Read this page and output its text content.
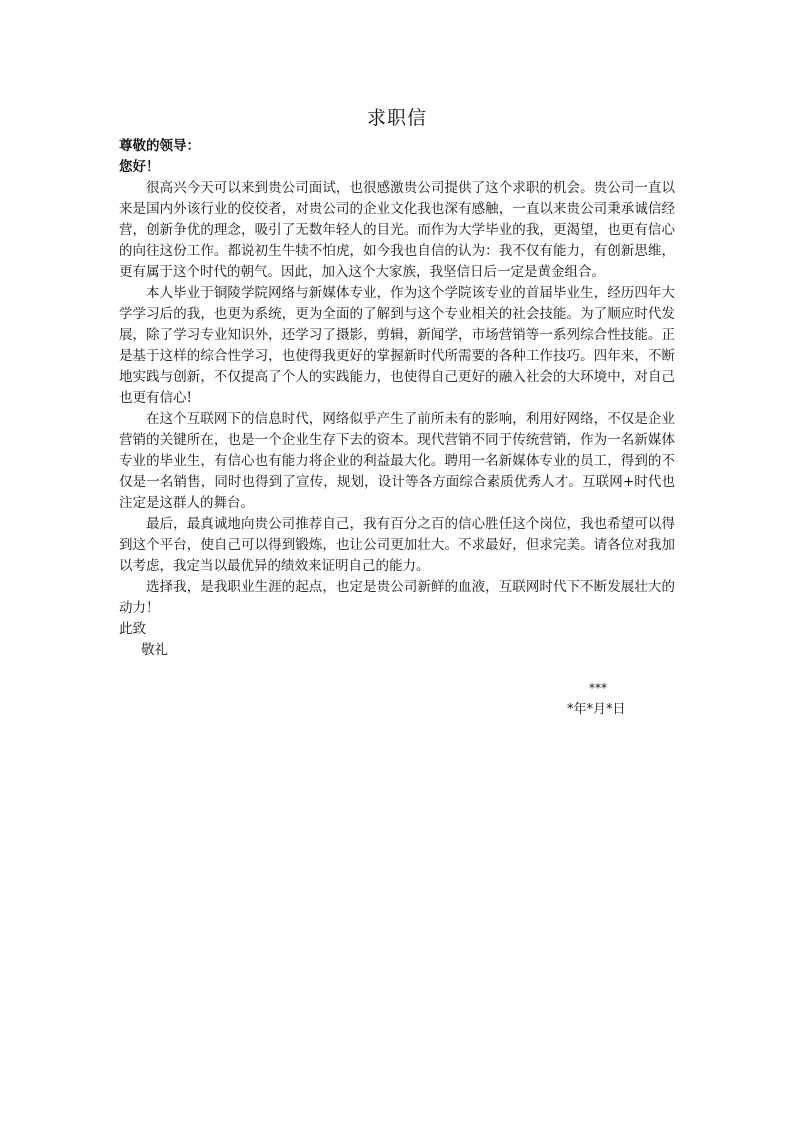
求职信

尊敬的领导：

您好！

很高兴今天可以来到贵公司面试，也很感激贵公司提供了这个求职的机会。贵公司一直以来是国内外该行业的佼佼者，对贵公司的企业文化我也深有感触，一直以来贵公司秉承诚信经营，创新争优的理念，吸引了无数年轻人的目光。而作为大学毕业的我，更渴望，也更有信心的向往这份工作。都说初生牛犊不怕虎，如今我也自信的认为：我不仅有能力，有创新思维，更有属于这个时代的朝气。因此，加入这个大家族，我坚信日后一定是黄金组合。

本人毕业于铜陵学院网络与新媒体专业，作为这个学院该专业的首届毕业生，经历四年大学学习后的我，也更为系统，更为全面的了解到与这个专业相关的社会技能。为了顺应时代发展，除了学习专业知识外，还学习了摄影，剪辑，新闻学，市场营销等一系列综合性技能。正是基于这样的综合性学习，也使得我更好的掌握新时代所需要的各种工作技巧。四年来，不断地实践与创新，不仅提高了个人的实践能力，也使得自己更好的融入社会的大环境中，对自己也更有信心!

在这个互联网下的信息时代，网络似乎产生了前所未有的影响，利用好网络，不仅是企业营销的关键所在，也是一个企业生存下去的资本。现代营销不同于传统营销，作为一名新媒体专业的毕业生，有信心也有能力将企业的利益最大化。聘用一名新媒体专业的员工，得到的不仅是一名销售，同时也得到了宣传，规划，设计等各方面综合素质优秀人才。互联网+时代也注定是这群人的舞台。

最后，最真诚地向贵公司推荐自己，我有百分之百的信心胜任这个岗位，我也希望可以得到这个平台，使自己可以得到锻炼，也让公司更加壮大。不求最好，但求完美。请各位对我加以考虑，我定当以最优异的绩效来证明自己的能力。

选择我，是我职业生涯的起点，也定是贵公司新鲜的血液，互联网时代下不断发展壮大的动力！

此致

敬礼

***
*年*月*日
